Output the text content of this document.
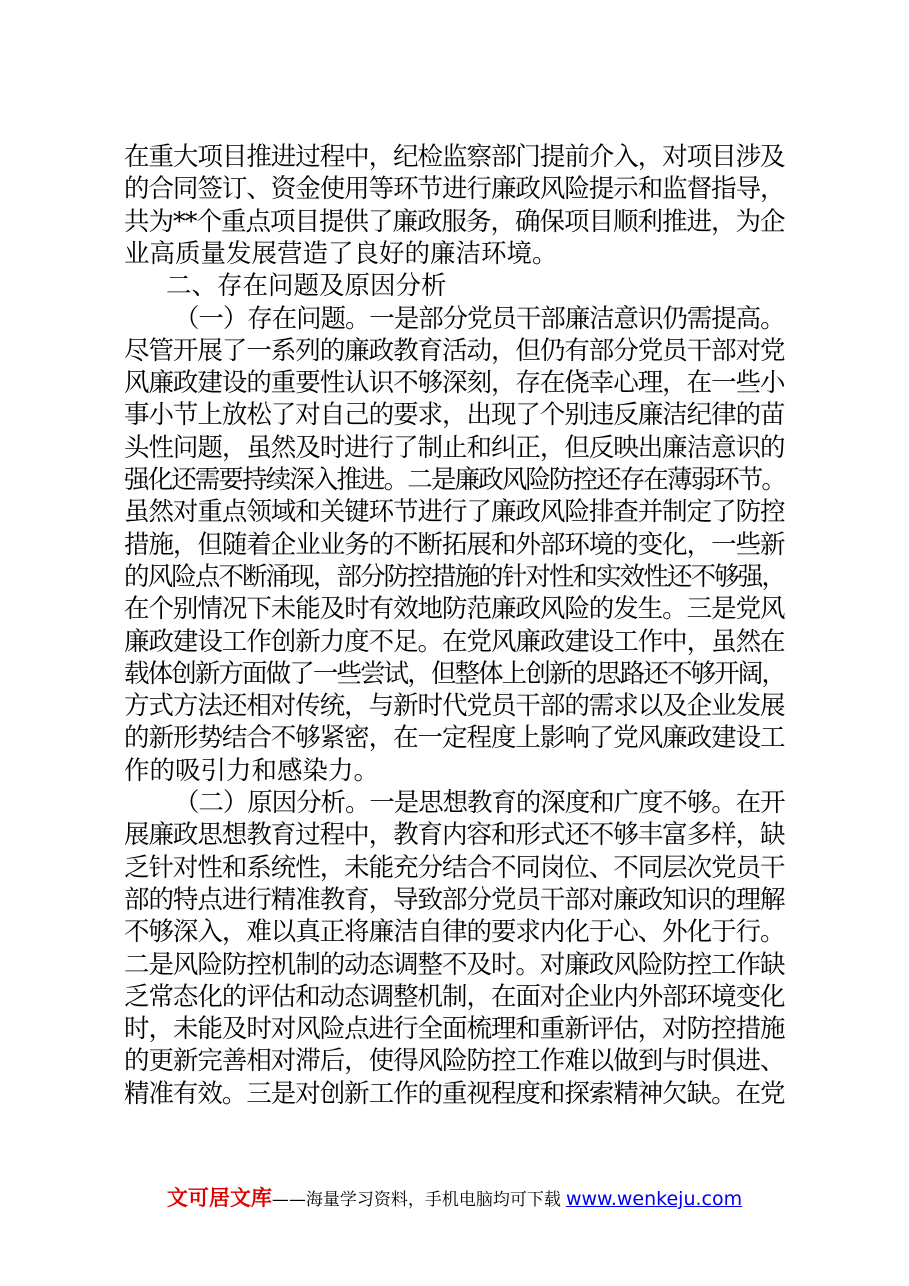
在重大项目推进过程中，纪检监察部门提前介入，对项目涉及
的合同签订、资金使用等环节进行廉政风险提示和监督指导，
共为**个重点项目提供了廉政服务，确保项目顺利推进，为企
业高质量发展营造了良好的廉洁环境。
二、存在问题及原因分析
（一）存在问题。一是部分党员干部廉洁意识仍需提高。
尽管开展了一系列的廉政教育活动，但仍有部分党员干部对党
风廉政建设的重要性认识不够深刻，存在侥幸心理，在一些小
事小节上放松了对自己的要求，出现了个别违反廉洁纪律的苗
头性问题，虽然及时进行了制止和纠正，但反映出廉洁意识的
强化还需要持续深入推进。二是廉政风险防控还存在薄弱环节。
虽然对重点领域和关键环节进行了廉政风险排查并制定了防控
措施，但随着企业业务的不断拓展和外部环境的变化，一些新
的风险点不断涌现，部分防控措施的针对性和实效性还不够强，
在个别情况下未能及时有效地防范廉政风险的发生。三是党风
廉政建设工作创新力度不足。在党风廉政建设工作中，虽然在
载体创新方面做了一些尝试，但整体上创新的思路还不够开阔，
方式方法还相对传统，与新时代党员干部的需求以及企业发展
的新形势结合不够紧密，在一定程度上影响了党风廉政建设工
作的吸引力和感染力。
（二）原因分析。一是思想教育的深度和广度不够。在开
展廉政思想教育过程中，教育内容和形式还不够丰富多样，缺
乏针对性和系统性，未能充分结合不同岗位、不同层次党员干
部的特点进行精准教育，导致部分党员干部对廉政知识的理解
不够深入，难以真正将廉洁自律的要求内化于心、外化于行。
二是风险防控机制的动态调整不及时。对廉政风险防控工作缺
乏常态化的评估和动态调整机制，在面对企业内外部环境变化
时，未能及时对风险点进行全面梳理和重新评估，对防控措施
的更新完善相对滞后，使得风险防控工作难以做到与时俱进、
精准有效。三是对创新工作的重视程度和探索精神欠缺。在党
文可居文库——海量学习资料，手机电脑均可下载 www.wenkeju.com
